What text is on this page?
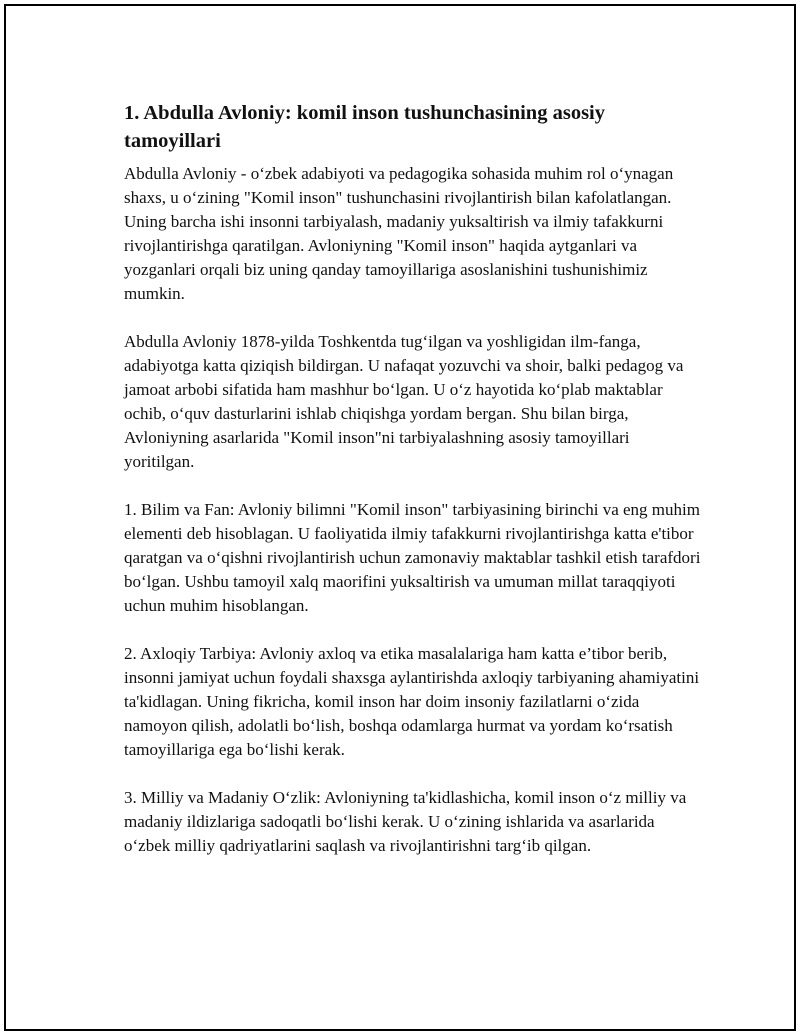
1. Abdulla Avloniy: komil inson tushunchasining asosiy tamoyillari

Abdulla Avloniy - o‘zbek adabiyoti va pedagogika sohasida muhim rol o‘ynagan shaxs, u o‘zining "Komil inson" tushunchasini rivojlantirish bilan kafolatlangan. Uning barcha ishi insonni tarbiyalash, madaniy yuksaltirish va ilmiy tafakkurni rivojlantirishga qaratilgan. Avloniyning "Komil inson" haqida aytganlari va yozganlari orqali biz uning qanday tamoyillariga asoslanishini tushunishimiz mumkin.

Abdulla Avloniy 1878-yilda Toshkentda tug‘ilgan va yoshligidan ilm-fanga, adabiyotga katta qiziqish bildirgan. U nafaqat yozuvchi va shoir, balki pedagog va jamoat arbobi sifatida ham mashhur bo‘lgan. U o‘z hayotida ko‘plab maktablar ochib, o‘quv dasturlarini ishlab chiqishga yordam bergan. Shu bilan birga, Avloniyning asarlarida "Komil inson"ni tarbiyalashning asosiy tamoyillari yoritilgan.

1. Bilim va Fan: Avloniy bilimni "Komil inson" tarbiyasining birinchi va eng muhim elementi deb hisoblagan. U faoliyatida ilmiy tafakkurni rivojlantirishga katta e'tibor qaratgan va o‘qishni rivojlantirish uchun zamonaviy maktablar tashkil etish tarafdori bo‘lgan. Ushbu tamoyil xalq maorifini yuksaltirish va umuman millat taraqqiyoti uchun muhim hisoblangan.

2. Axloqiy Tarbiya: Avloniy axloq va etika masalalariga ham katta e’tibor berib, insonni jamiyat uchun foydali shaxsga aylantirishda axloqiy tarbiyaning ahamiyatini ta'kidlagan. Uning fikricha, komil inson har doim insoniy fazilatlarni o‘zida namoyon qilish, adolatli bo‘lish, boshqa odamlarga hurmat va yordam ko‘rsatish tamoyillariga ega bo‘lishi kerak.

3. Milliy va Madaniy O‘zlik: Avloniyning ta'kidlashicha, komil inson o‘z milliy va madaniy ildizlariga sadoqatli bo‘lishi kerak. U o‘zining ishlarida va asarlarida o‘zbek milliy qadriyatlarini saqlash va rivojlantirishni targ‘ib qilgan.
